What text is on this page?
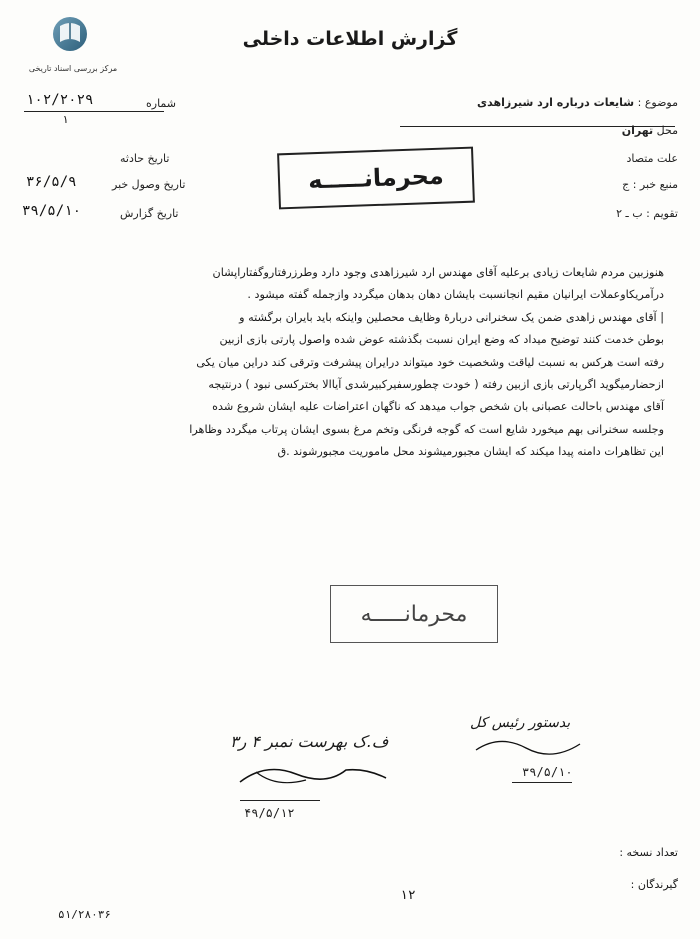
مرکز بررسی اسناد تاریخی
گزارش اطلاعات داخلی
شماره
۱۰۲/۲۰۲۹
۱
تاریخ حادثه
تاریخ وصول خبر
۳۶/۵/۹
تاریخ گزارش
۳۹/۵/۱۰
موضوع : شایعات درباره ارد شیرزاهدی
محل تهران
علت متصاد
منبع خبر : ج
تقویم : ب ـ ۲
محرمانـــــه

هنوزبین مردم شایعات زیادی برعلیه آقای مهندس ارد شیرزاهدی وجود دارد وطرزرفتاروگفتاراپشان

درآمریکاوعملات ایرانیان مقیم انجانسبت بایشان دهان بدهان میگردد وازجمله گفته میشود .

| آقای مهندس زاهدی ضمن یک سخنرانی دربارۀ وظایف محصلین واینکه باید بایران برگشته و

بوطن خدمت کنند توضیح میداد که وضع ایران نسبت بگذشته عوض شده واصول پارتی بازی ازبین

رفته است هرکس به نسبت لیاقت وشخصیت خود میتواند درایران پیشرفت وترقی کند دراین میان یکی

ازحضارمیگوید اگرپارتی بازی ازبین رفته ( خودت چطورسفیرکبیرشدی آیاالا بخترکسی نبود ) درنتیجه

آقای مهندس باحالت عصبانی بان شخص جواب میدهد که ناگهان اعتراضات علیه ایشان شروع شده

وجلسه سخنرانی بهم میخورد شایع است که گوجه فرنگی وتخم مرغ بسوی ایشان پرتاب میگردد وظاهرا

این تظاهرات دامنه پیدا میکند که ایشان مجبورمیشوند محل ماموریت مجبورشوند .ق

محرمانـــــه
ف.ک بهرست نمبر ۴ ر۳
۴۹/۵/۱۲
بدستور رئیس کل
۳۹/۵/۱۰
تعداد نسخه :
گیرندگان :
۱۲
۵۱/۲۸۰۳۶
